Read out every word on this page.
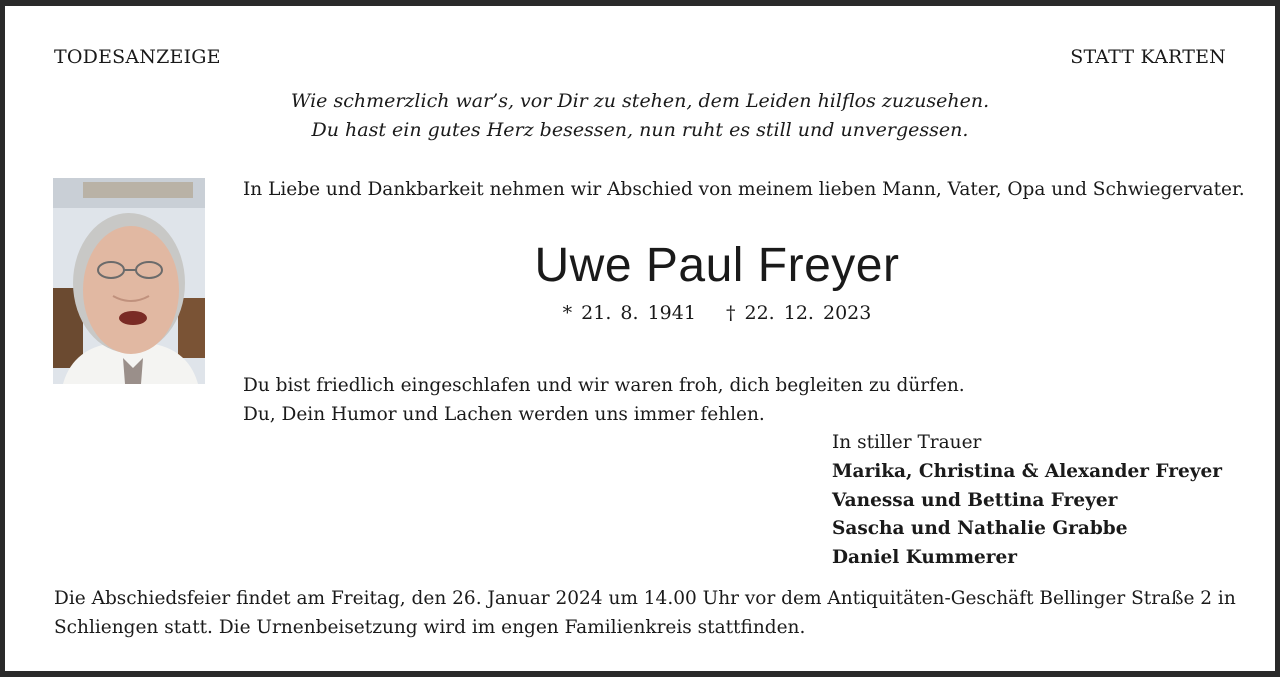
TODESANZEIGE	STATT KARTEN
Wie schmerzlich war’s, vor Dir zu stehen, dem Leiden hilflos zuzusehen.
Du hast ein gutes Herz besessen, nun ruht es still und unvergessen.
In Liebe und Dankbarkeit nehmen wir Abschied von meinem lieben Mann, Vater, Opa und Schwiegervater.
Uwe Paul Freyer
* 21. 8. 1941 † 22. 12. 2023
Du bist friedlich eingeschlafen und wir waren froh, dich begleiten zu dürfen.
Du, Dein Humor und Lachen werden uns immer fehlen.
In stiller Trauer
Marika, Christina & Alexander Freyer
Vanessa und Bettina Freyer
Sascha und Nathalie Grabbe
Daniel Kummerer
Die Abschiedsfeier findet am Freitag, den 26. Januar 2024 um 14.00 Uhr vor dem Antiquitäten-Geschäft Bellinger Straße 2 in
Schliengen statt. Die Urnenbeisetzung wird im engen Familienkreis stattfinden.
